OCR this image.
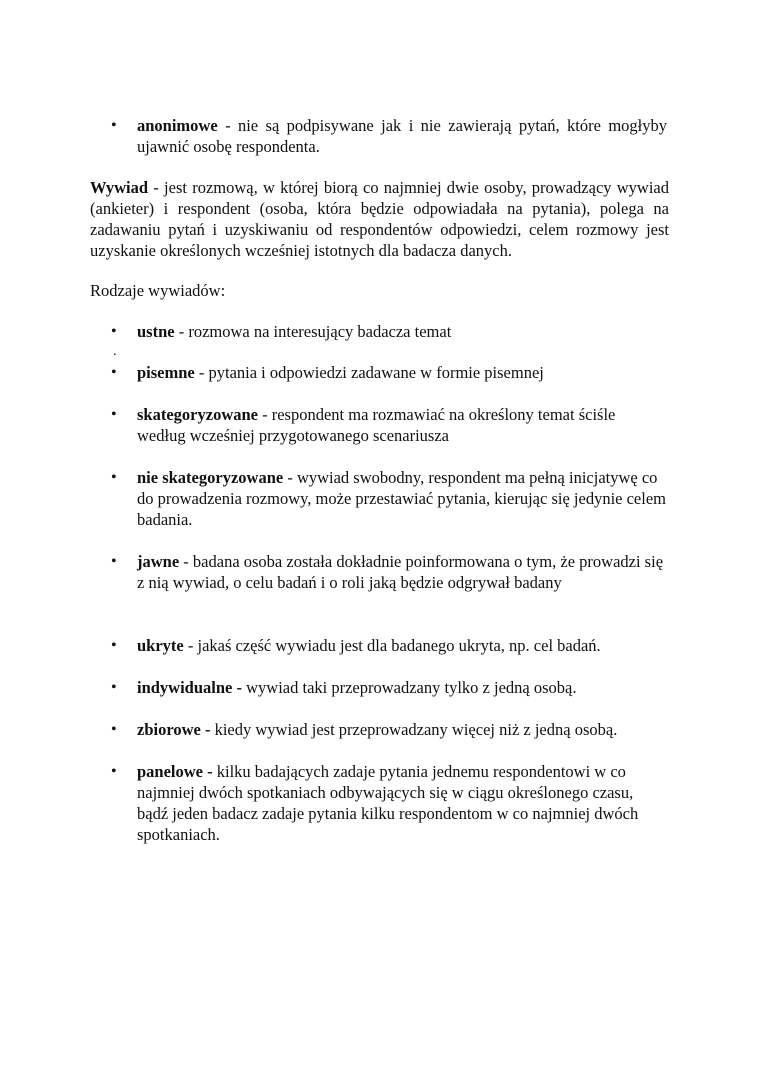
• anonimowe - nie są podpisywane jak i nie zawierają pytań, które mogłyby ujawnić osobę respondenta.
Wywiad - jest rozmową, w której biorą co najmniej dwie osoby, prowadzący wywiad (ankieter) i respondent (osoba, która będzie odpowiadała na pytania), polega na zadawaniu pytań i uzyskiwaniu od respondentów odpowiedzi, celem rozmowy jest uzyskanie określonych wcześniej istotnych dla badacza danych.
Rodzaje wywiadów:
• ustne - rozmowa na interesujący badacza temat
.
• pisemne - pytania i odpowiedzi zadawane w formie pisemnej
• skategoryzowane - respondent ma rozmawiać na określony temat ściśle według wcześniej przygotowanego scenariusza
• nie skategoryzowane - wywiad swobodny, respondent ma pełną inicjatywę co do prowadzenia rozmowy, może przestawiać pytania, kierując się jedynie celem badania.
• jawne - badana osoba została dokładnie poinformowana o tym, że prowadzi się z nią wywiad, o celu badań i o roli jaką będzie odgrywał badany
• ukryte - jakaś część wywiadu jest dla badanego ukryta, np. cel badań.
• indywidualne - wywiad taki przeprowadzany tylko z jedną osobą.
• zbiorowe - kiedy wywiad jest przeprowadzany więcej niż z jedną osobą.
• panelowe - kilku badających zadaje pytania jednemu respondentowi w co najmniej dwóch spotkaniach odbywających się w ciągu określonego czasu, bądź jeden badacz zadaje pytania kilku respondentom w co najmniej dwóch spotkaniach.
